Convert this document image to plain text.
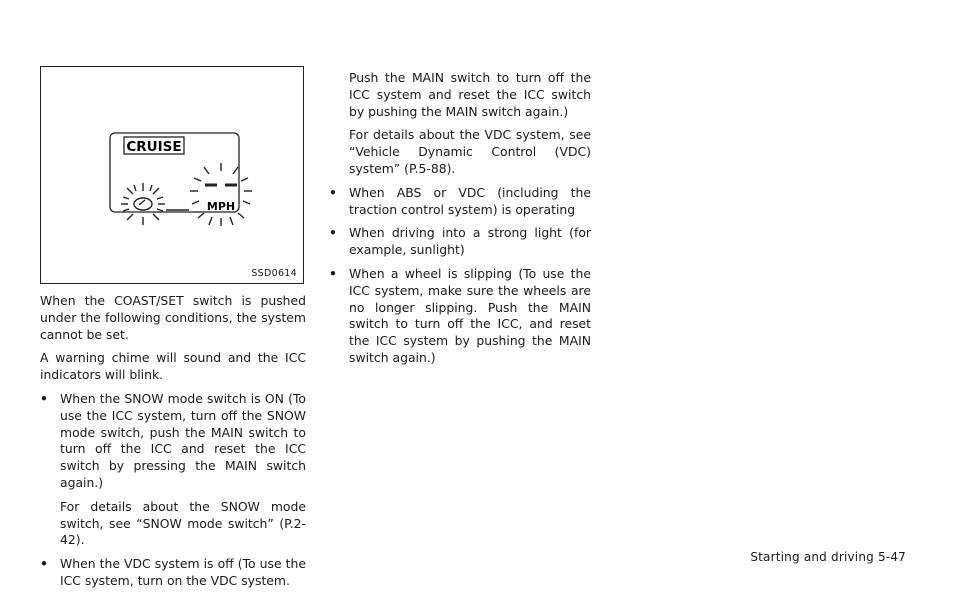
CRUISE
MPH
SSD0614

When the COAST/SET switch is pushed under the following conditions, the system cannot be set.

A warning chime will sound and the ICC indicators will blink.

• When the SNOW mode switch is ON (To use the ICC system, turn off the SNOW mode switch, push the MAIN switch to turn off the ICC and reset the ICC switch by pressing the MAIN switch again.)

For details about the SNOW mode switch, see “SNOW mode switch” (P.2-42).

• When the VDC system is off (To use the ICC system, turn on the VDC system.

Push the MAIN switch to turn off the ICC system and reset the ICC switch by pushing the MAIN switch again.)

For details about the VDC system, see “Vehicle Dynamic Control (VDC) system” (P.5-88).

• When ABS or VDC (including the traction control system) is operating
• When driving into a strong light (for example, sunlight)
• When a wheel is slipping (To use the ICC system, make sure the wheels are no longer slipping. Push the MAIN switch to turn off the ICC, and reset the ICC system by pushing the MAIN switch again.)
Starting and driving 5-47
